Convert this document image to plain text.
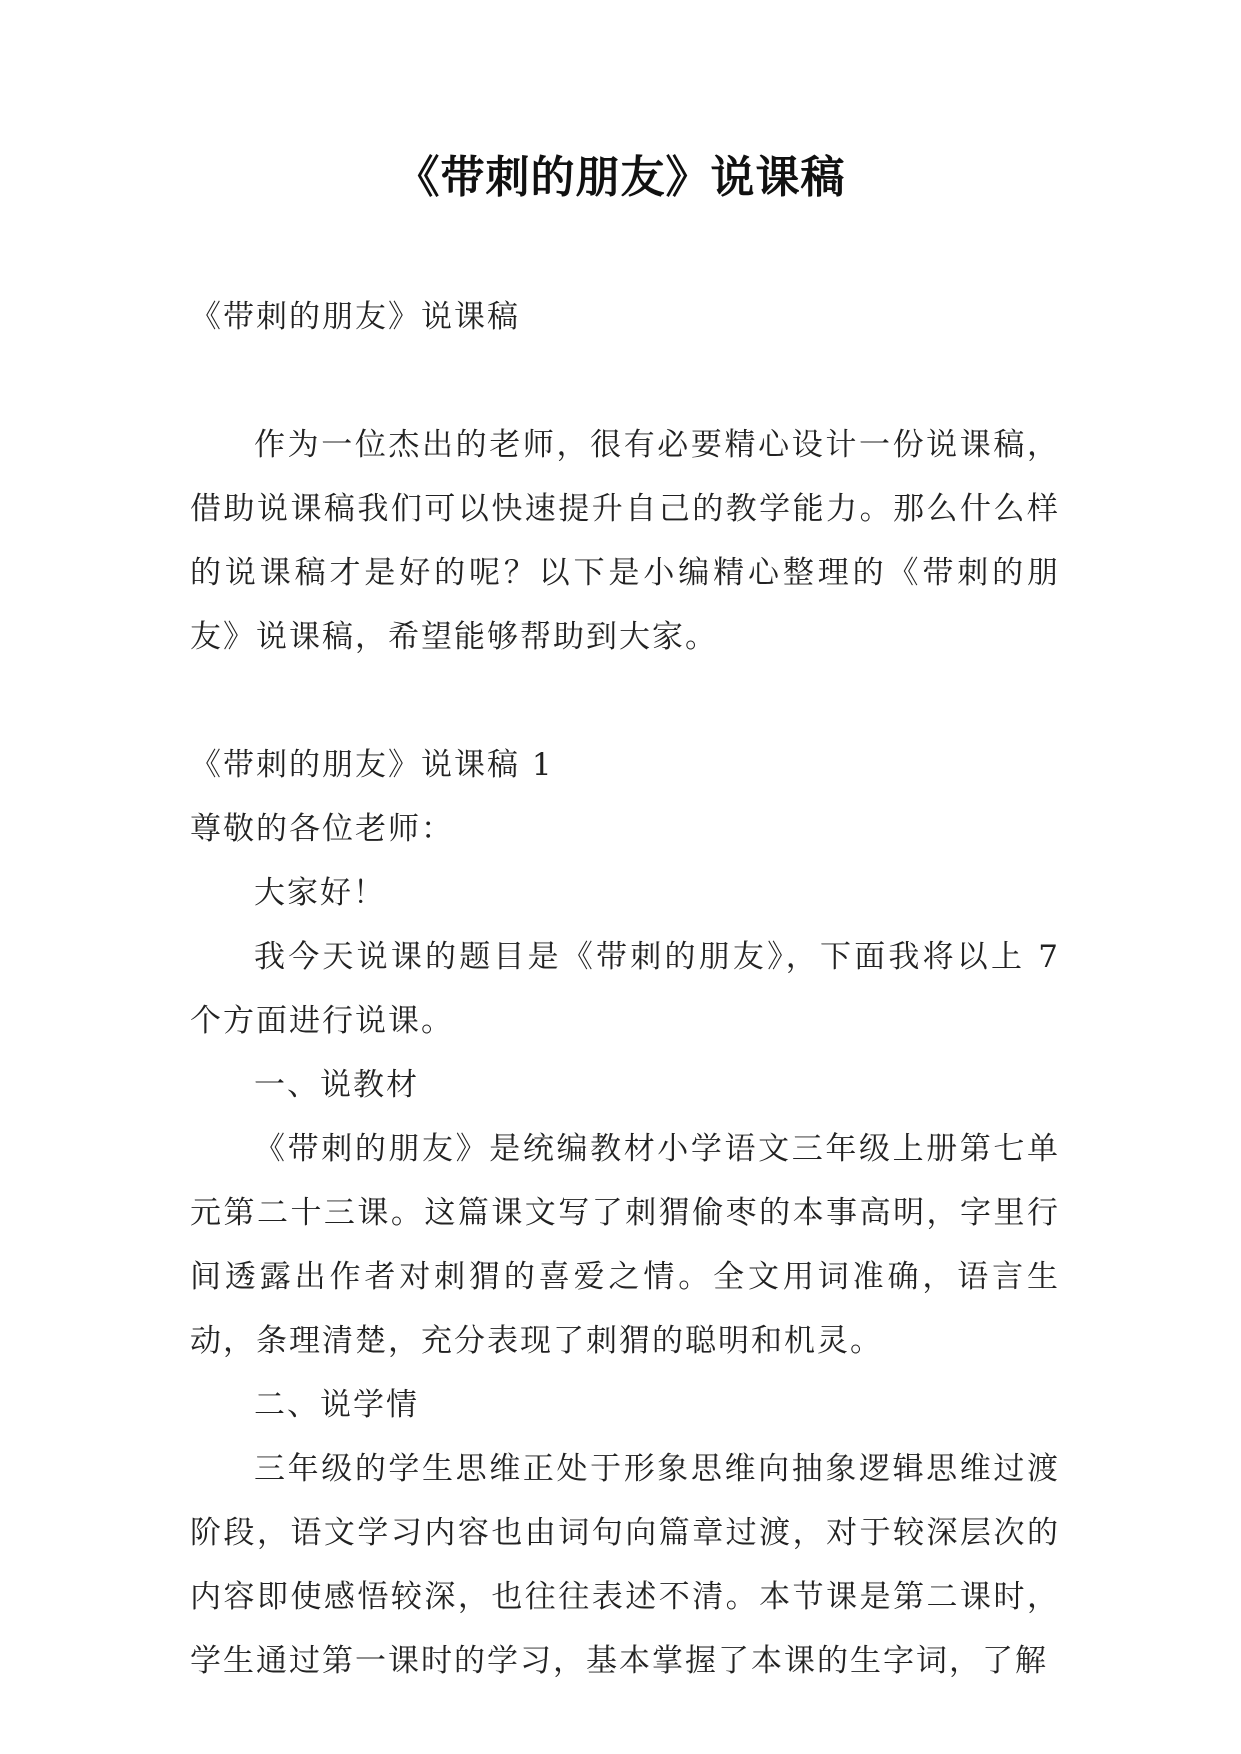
《带刺的朋友》说课稿

《带刺的朋友》说课稿

作为一位杰出的老师，很有必要精心设计一份说课稿，借助说课稿我们可以快速提升自己的教学能力。那么什么样的说课稿才是好的呢？以下是小编精心整理的《带刺的朋友》说课稿，希望能够帮助到大家。

《带刺的朋友》说课稿 1

尊敬的各位老师：

大家好！

我今天说课的题目是《带刺的朋友》，下面我将以上 7 个方面进行说课。

一、说教材

《带刺的朋友》是统编教材小学语文三年级上册第七单元第二十三课。这篇课文写了刺猬偷枣的本事高明，字里行间透露出作者对刺猬的喜爱之情。全文用词准确，语言生动，条理清楚，充分表现了刺猬的聪明和机灵。

二、说学情

三年级的学生思维正处于形象思维向抽象逻辑思维过渡阶段，语文学习内容也由词句向篇章过渡，对于较深层次的内容即使感悟较深，也往往表述不清。本节课是第二课时，学生通过第一课时的学习，基本掌握了本课的生字词，了解
